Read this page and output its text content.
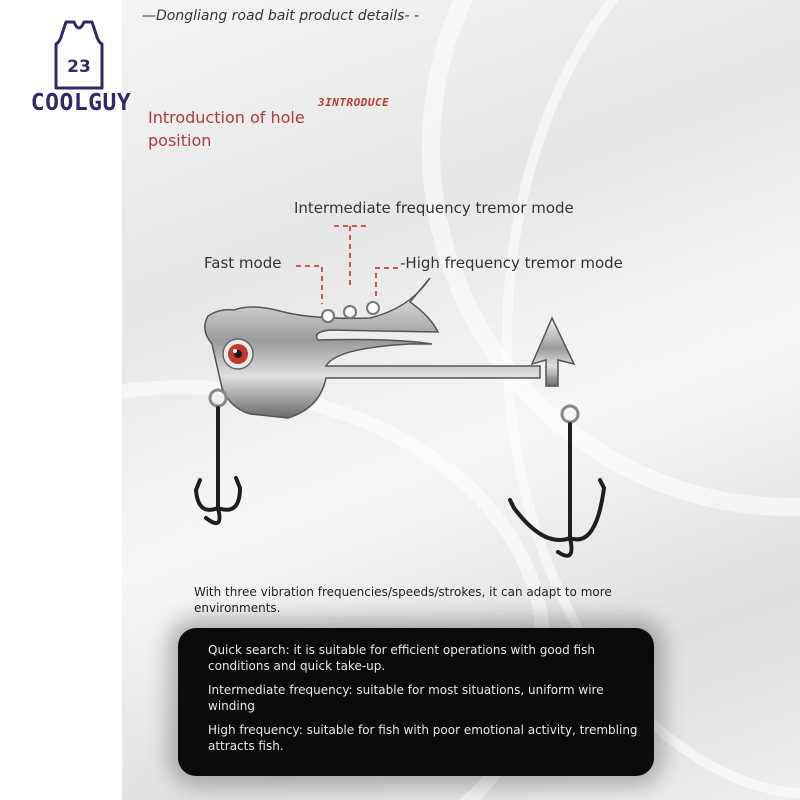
23
COOLGUY
—Dongliang road bait product details- -
Introduction of hole position
3INTRODUCE
Intermediate frequency tremor mode
Fast mode	-High frequency tremor mode
With three vibration frequencies/speeds/strokes, it can adapt to more environments.
Quick search: it is suitable for efficient operations with good fish conditions and quick take-up.
Intermediate frequency: suitable for most situations, uniform wire winding
High frequency: suitable for fish with poor emotional activity, trembling attracts fish.
